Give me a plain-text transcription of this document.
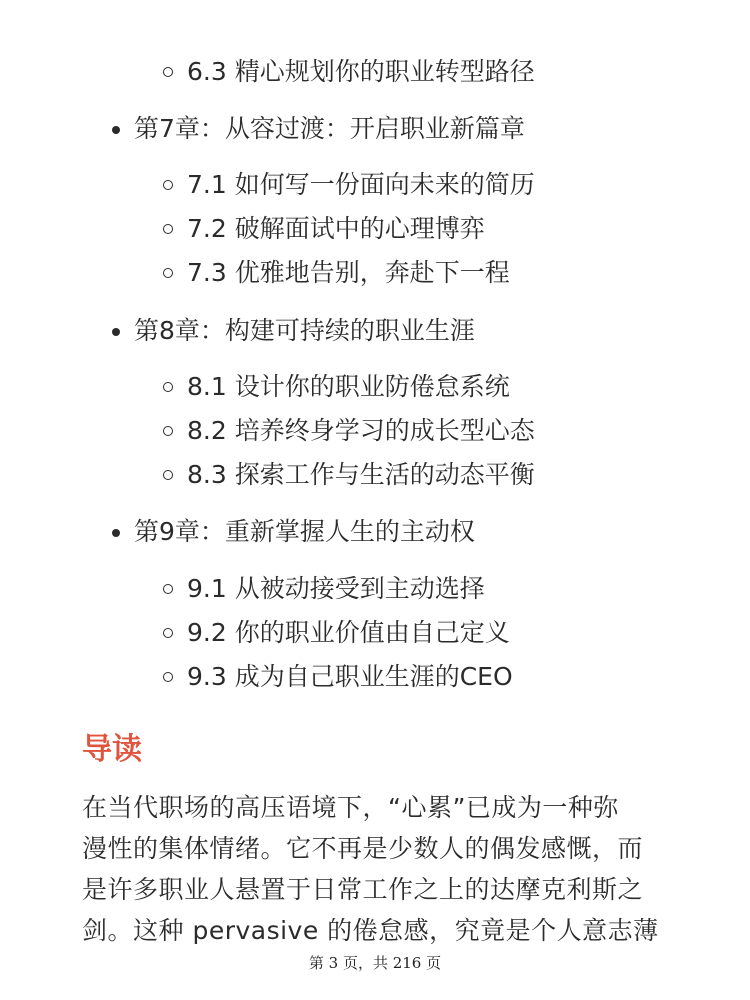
6.3 精心规划你的职业转型路径
第7章：从容过渡：开启职业新篇章
7.1 如何写一份面向未来的简历
7.2 破解面试中的心理博弈
7.3 优雅地告别，奔赴下一程
第8章：构建可持续的职业生涯
8.1 设计你的职业防倦怠系统
8.2 培养终身学习的成长型心态
8.3 探索工作与生活的动态平衡
第9章：重新掌握人生的主动权
9.1 从被动接受到主动选择
9.2 你的职业价值由自己定义
9.3 成为自己职业生涯的CEO
导读
在当代职场的高压语境下，“心累”已成为一种弥
漫性的集体情绪。它不再是少数人的偶发感慨，而
是许多职业人悬置于日常工作之上的达摩克利斯之
剑。这种 pervasive 的倦怠感，究竟是个人意志薄
第 3 页，共 216 页
